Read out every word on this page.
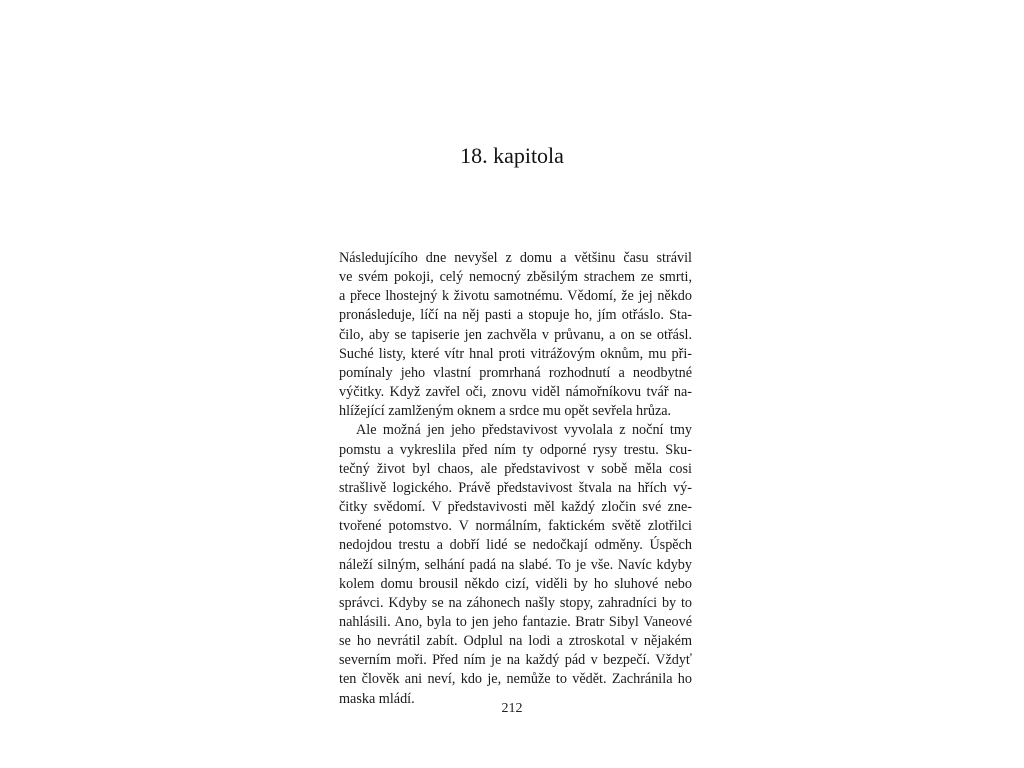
18. kapitola
Následujícího dne nevyšel z domu a většinu času strávil
ve svém pokoji, celý nemocný zběsilým strachem ze smrti,
a přece lhostejný k životu samotnému. Vědomí, že jej někdo
pronásleduje, líčí na něj pasti a stopuje ho, jím otřáslo. Sta-
čilo, aby se tapiserie jen zachvěla v průvanu, a on se otřásl.
Suché listy, které vítr hnal proti vitrážovým oknům, mu při-
pomínaly jeho vlastní promrhaná rozhodnutí a neodbytné
výčitky. Když zavřel oči, znovu viděl námořníkovu tvář na-
hlížející zamlženým oknem a srdce mu opět sevřela hrůza.
Ale možná jen jeho představivost vyvolala z noční tmy
pomstu a vykreslila před ním ty odporné rysy trestu. Sku-
tečný život byl chaos, ale představivost v sobě měla cosi
strašlivě logického. Právě představivost štvala na hřích vý-
čitky svědomí. V představivosti měl každý zločin své zne-
tvořené potomstvo. V normálním, faktickém světě zlotřilci
nedojdou trestu a dobří lidé se nedočkají odměny. Úspěch
náleží silným, selhání padá na slabé. To je vše. Navíc kdyby
kolem domu brousil někdo cizí, viděli by ho sluhové nebo
správci. Kdyby se na záhonech našly stopy, zahradníci by to
nahlásili. Ano, byla to jen jeho fantazie. Bratr Sibyl Vaneové
se ho nevrátil zabít. Odplul na lodi a ztroskotal v nějakém
severním moři. Před ním je na každý pád v bezpečí. Vždyť
ten člověk ani neví, kdo je, nemůže to vědět. Zachránila ho
maska mládí.
212
